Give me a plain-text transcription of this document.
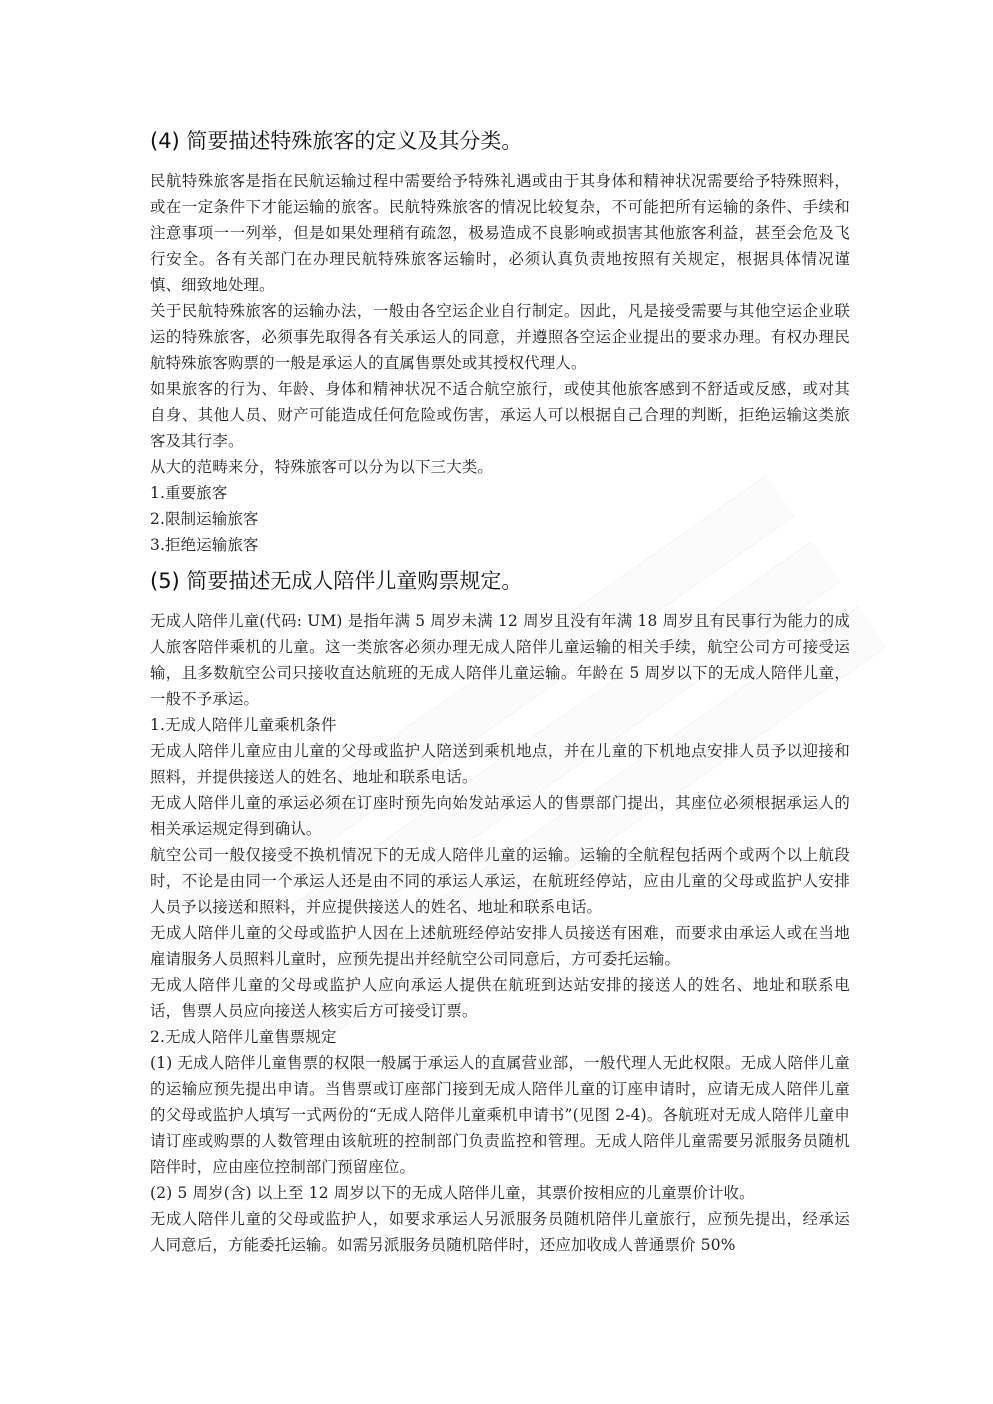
(4) 简要描述特殊旅客的定义及其分类。

民航特殊旅客是指在民航运输过程中需要给予特殊礼遇或由于其身体和精神状况需要给予特殊照料，或在一定条件下才能运输的旅客。民航特殊旅客的情况比较复杂，不可能把所有运输的条件、手续和注意事项一一列举，但是如果处理稍有疏忽，极易造成不良影响或损害其他旅客利益，甚至会危及飞行安全。各有关部门在办理民航特殊旅客运输时，必须认真负责地按照有关规定，根据具体情况谨慎、细致地处理。

关于民航特殊旅客的运输办法，一般由各空运企业自行制定。因此，凡是接受需要与其他空运企业联运的特殊旅客，必须事先取得各有关承运人的同意，并遵照各空运企业提出的要求办理。有权办理民航特殊旅客购票的一般是承运人的直属售票处或其授权代理人。

如果旅客的行为、年龄、身体和精神状况不适合航空旅行，或使其他旅客感到不舒适或反感，或对其自身、其他人员、财产可能造成任何危险或伤害，承运人可以根据自己合理的判断，拒绝运输这类旅客及其行李。

从大的范畴来分，特殊旅客可以分为以下三大类。

1.重要旅客

2.限制运输旅客

3.拒绝运输旅客

(5) 简要描述无成人陪伴儿童购票规定。

无成人陪伴儿童(代码: UM) 是指年满 5 周岁未满 12 周岁且没有年满 18 周岁且有民事行为能力的成人旅客陪伴乘机的儿童。这一类旅客必须办理无成人陪伴儿童运输的相关手续，航空公司方可接受运输，且多数航空公司只接收直达航班的无成人陪伴儿童运输。年龄在 5 周岁以下的无成人陪伴儿童，一般不予承运。

1.无成人陪伴儿童乘机条件

无成人陪伴儿童应由儿童的父母或监护人陪送到乘机地点，并在儿童的下机地点安排人员予以迎接和照料，并提供接送人的姓名、地址和联系电话。

无成人陪伴儿童的承运必须在订座时预先向始发站承运人的售票部门提出，其座位必须根据承运人的相关承运规定得到确认。

航空公司一般仅接受不换机情况下的无成人陪伴儿童的运输。运输的全航程包括两个或两个以上航段时，不论是由同一个承运人还是由不同的承运人承运，在航班经停站，应由儿童的父母或监护人安排人员予以接送和照料，并应提供接送人的姓名、地址和联系电话。

无成人陪伴儿童的父母或监护人因在上述航班经停站安排人员接送有困难，而要求由承运人或在当地雇请服务人员照料儿童时，应预先提出并经航空公司同意后，方可委托运输。

无成人陪伴儿童的父母或监护人应向承运人提供在航班到达站安排的接送人的姓名、地址和联系电话，售票人员应向接送人核实后方可接受订票。

2.无成人陪伴儿童售票规定

(1) 无成人陪伴儿童售票的权限一般属于承运人的直属营业部，一般代理人无此权限。无成人陪伴儿童的运输应预先提出申请。当售票或订座部门接到无成人陪伴儿童的订座申请时，应请无成人陪伴儿童的父母或监护人填写一式两份的“无成人陪伴儿童乘机申请书”(见图 2-4)。各航班对无成人陪伴儿童申请订座或购票的人数管理由该航班的控制部门负责监控和管理。无成人陪伴儿童需要另派服务员随机陪伴时，应由座位控制部门预留座位。

(2) 5 周岁(含) 以上至 12 周岁以下的无成人陪伴儿童，其票价按相应的儿童票价计收。

无成人陪伴儿童的父母或监护人，如要求承运人另派服务员随机陪伴儿童旅行，应预先提出，经承运人同意后，方能委托运输。如需另派服务员随机陪伴时，还应加收成人普通票价 50%
